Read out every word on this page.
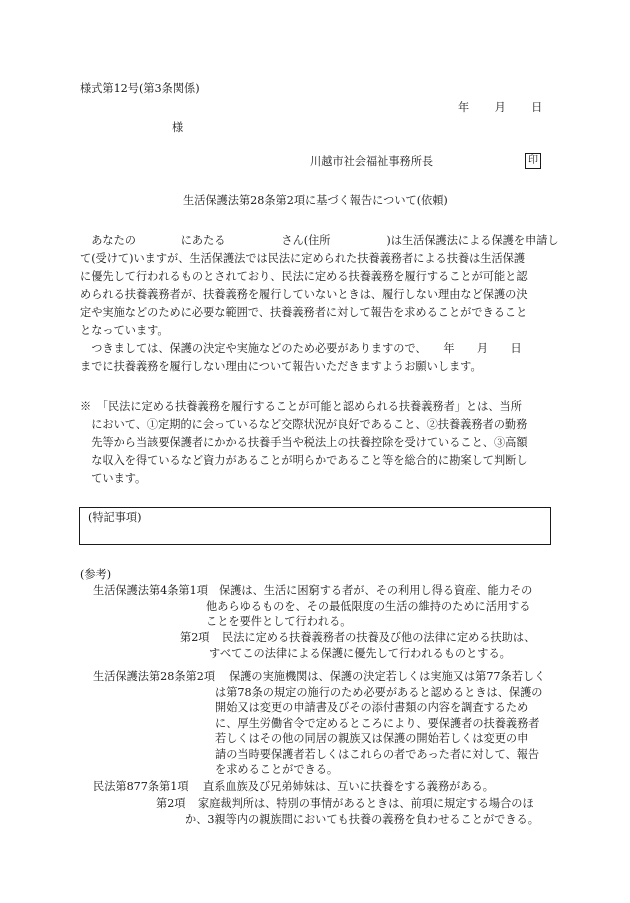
様式第12号(第3条関係)
年　　月　　日
様
川越市社会福祉事務所長	印
生活保護法第28条第2項に基づく報告について(依頼)
　あなたの　　　　にあたる　　　　　さん(住所　　　　　)は生活保護法による保護を申請し
て(受けて)いますが、生活保護法では民法に定められた扶養義務者による扶養は生活保護
に優先して行われるものとされており、民法に定める扶養義務を履行することが可能と認
められる扶養義務者が、扶養義務を履行していないときは、履行しない理由など保護の決
定や実施などのために必要な範囲で、扶養義務者に対して報告を求めることができること
となっています。
　つきましては、保護の決定や実施などのため必要がありますので、　　年　　月　　日
までに扶養義務を履行しない理由について報告いただきますようお願いします。
※　「民法に定める扶養義務を履行することが可能と認められる扶養義務者」とは、当所
　において、①定期的に会っているなど交際状況が良好であること、②扶養義務者の勤務
　先等から当該要保護者にかかる扶養手当や税法上の扶養控除を受けていること、③高額
　な収入を得ているなど資力があることが明らかであること等を総合的に勘案して判断し
　ています。
(特記事項)
(参考)
生活保護法第4条第1項 保護は、生活に困窮する者が、その利用し得る資産、能力その
他あらゆるものを、その最低限度の生活の維持のために活用する
ことを要件として行われる。
第2項 民法に定める扶養義務者の扶養及び他の法律に定める扶助は、
すべてこの法律による保護に優先して行われるものとする。
生活保護法第28条第2項 保護の実施機関は、保護の決定若しくは実施又は第77条若しく
は第78条の規定の施行のため必要があると認めるときは、保護の
開始又は変更の申請書及びその添付書類の内容を調査するため
に、厚生労働省令で定めるところにより、要保護者の扶養義務者
若しくはその他の同居の親族又は保護の開始若しくは変更の申
請の当時要保護者若しくはこれらの者であった者に対して、報告
を求めることができる。
民法第877条第1項 直系血族及び兄弟姉妹は、互いに扶養をする義務がある。
第2項 家庭裁判所は、特別の事情があるときは、前項に規定する場合のほ
か、3親等内の親族間においても扶養の義務を負わせることができる。
